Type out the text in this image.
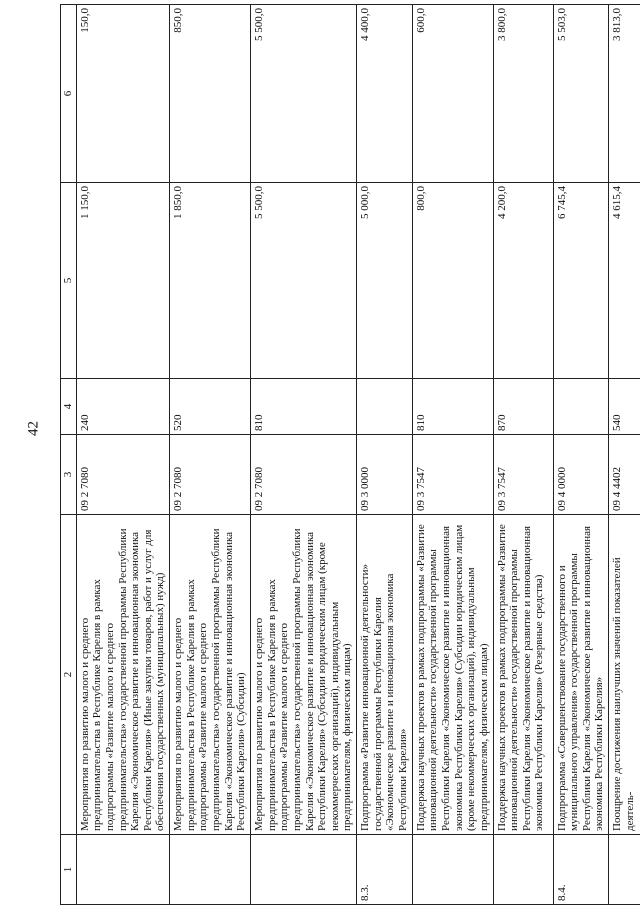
42
1	2	3	4	5	6
	Мероприятия по развитию малого и среднего предпринимательства в Республике Карелия в рамках подпрограммы «Развитие малого и среднего предпринимательства» государственной программы Республики Карелия «Экономическое развитие и инновационная экономика Республики Карелия» (Иные закупки товаров, работ и услуг для обеспечения государственных (муниципальных) нужд)	09 2 7080	240	1 150,0	150,0
	Мероприятия по развитию малого и среднего предпринимательства в Республике Карелия в рамках подпрограммы «Развитие малого и среднего предпринимательства» государственной программы Республики Карелия «Экономическое развитие и инновационная экономика Республики Карелия» (Субсидии)	09 2 7080	520	1 850,0	850,0
	Мероприятия по развитию малого и среднего предпринимательства в Республике Карелия в рамках подпрограммы «Развитие малого и среднего предпринимательства» государственной программы Республики Карелия «Экономическое развитие и инновационная экономика Республики Карелия» (Субсидии юридическим лицам (кроме некоммерческих организаций), индивидуальным предпринимателям, физическим лицам)	09 2 7080	810	5 500,0	5 500,0
8.3.	Подпрограмма «Развитие инновационной деятельности» государственной программы Республики Карелия «Экономическое развитие и инновационная экономика Республики Карелия»	09 3 0000		5 000,0	4 400,0
	Поддержка научных проектов в рамках подпрограммы «Развитие инновационной деятельности» государственной программы Республики Карелия «Экономическое развитие и инновационная экономика Республики Карелия» (Субсидии юридическим лицам (кроме некоммерческих организаций), индивидуальным предпринимателям, физическим лицам)	09 3 7547	810	800,0	600,0
	Поддержка научных проектов в рамках подпрограммы «Развитие инновационной деятельности» государственной программы Республики Карелия «Экономическое развитие и инновационная экономика Республики Карелия» (Резервные средства)	09 3 7547	870	4 200,0	3 800,0
8.4.	Подпрограмма «Совершенствование государственного и муниципального управления» государственной программы Республики Карелия «Экономическое развитие и инновационная экономика Республики Карелия»	09 4 0000		6 745,4	5 503,0
	Поощрение достижения наилучших значений показателей деятель-	09 4 4402	540	4 615,4	3 813,0
